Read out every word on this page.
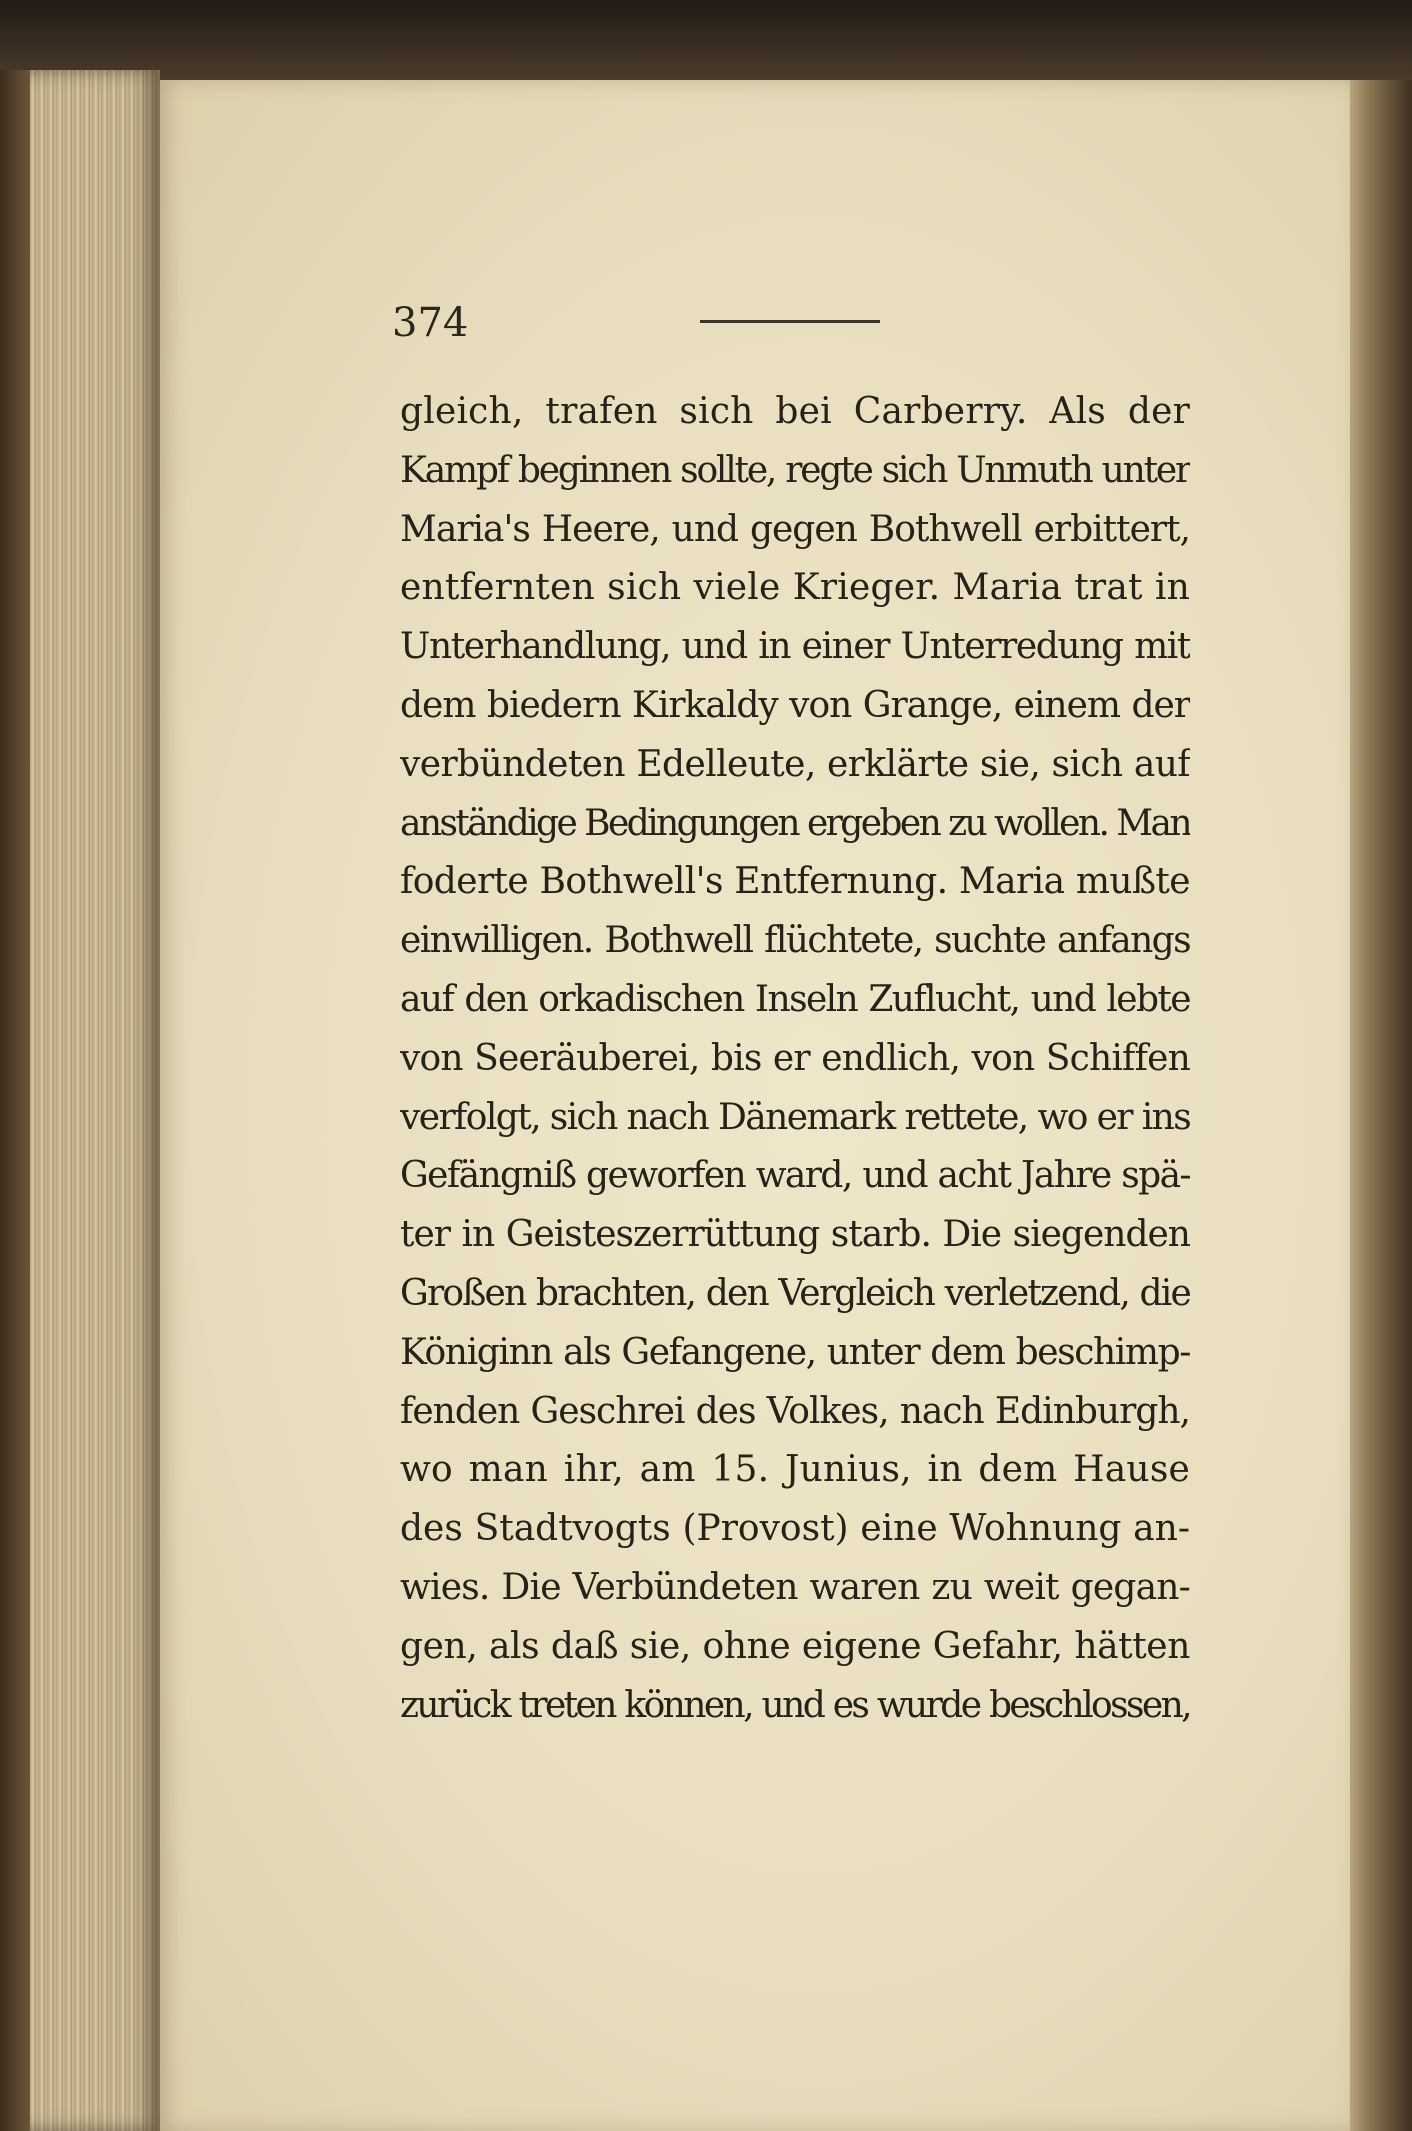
374
gleich, trafen sich bei Carberry. Als der
Kampf beginnen sollte, regte sich Unmuth unter
Maria's Heere, und gegen Bothwell erbittert,
entfernten sich viele Krieger. Maria trat in
Unterhandlung, und in einer Unterredung mit
dem biedern Kirkaldy von Grange, einem der
verbündeten Edelleute, erklärte sie, sich auf
anständige Bedingungen ergeben zu wollen. Man
foderte Bothwell's Entfernung. Maria mußte
einwilligen. Bothwell flüchtete, suchte anfangs
auf den orkadischen Inseln Zuflucht, und lebte
von Seeräuberei, bis er endlich, von Schiffen
verfolgt, sich nach Dänemark rettete, wo er ins
Gefängniß geworfen ward, und acht Jahre spä-
ter in Geisteszerrüttung starb. Die siegenden
Großen brachten, den Vergleich verletzend, die
Königinn als Gefangene, unter dem beschimp-
fenden Geschrei des Volkes, nach Edinburgh,
wo man ihr, am 15. Junius, in dem Hause
des Stadtvogts (Provost) eine Wohnung an-
wies. Die Verbündeten waren zu weit gegan-
gen, als daß sie, ohne eigene Gefahr, hätten
zurück treten können, und es wurde beschlossen,
